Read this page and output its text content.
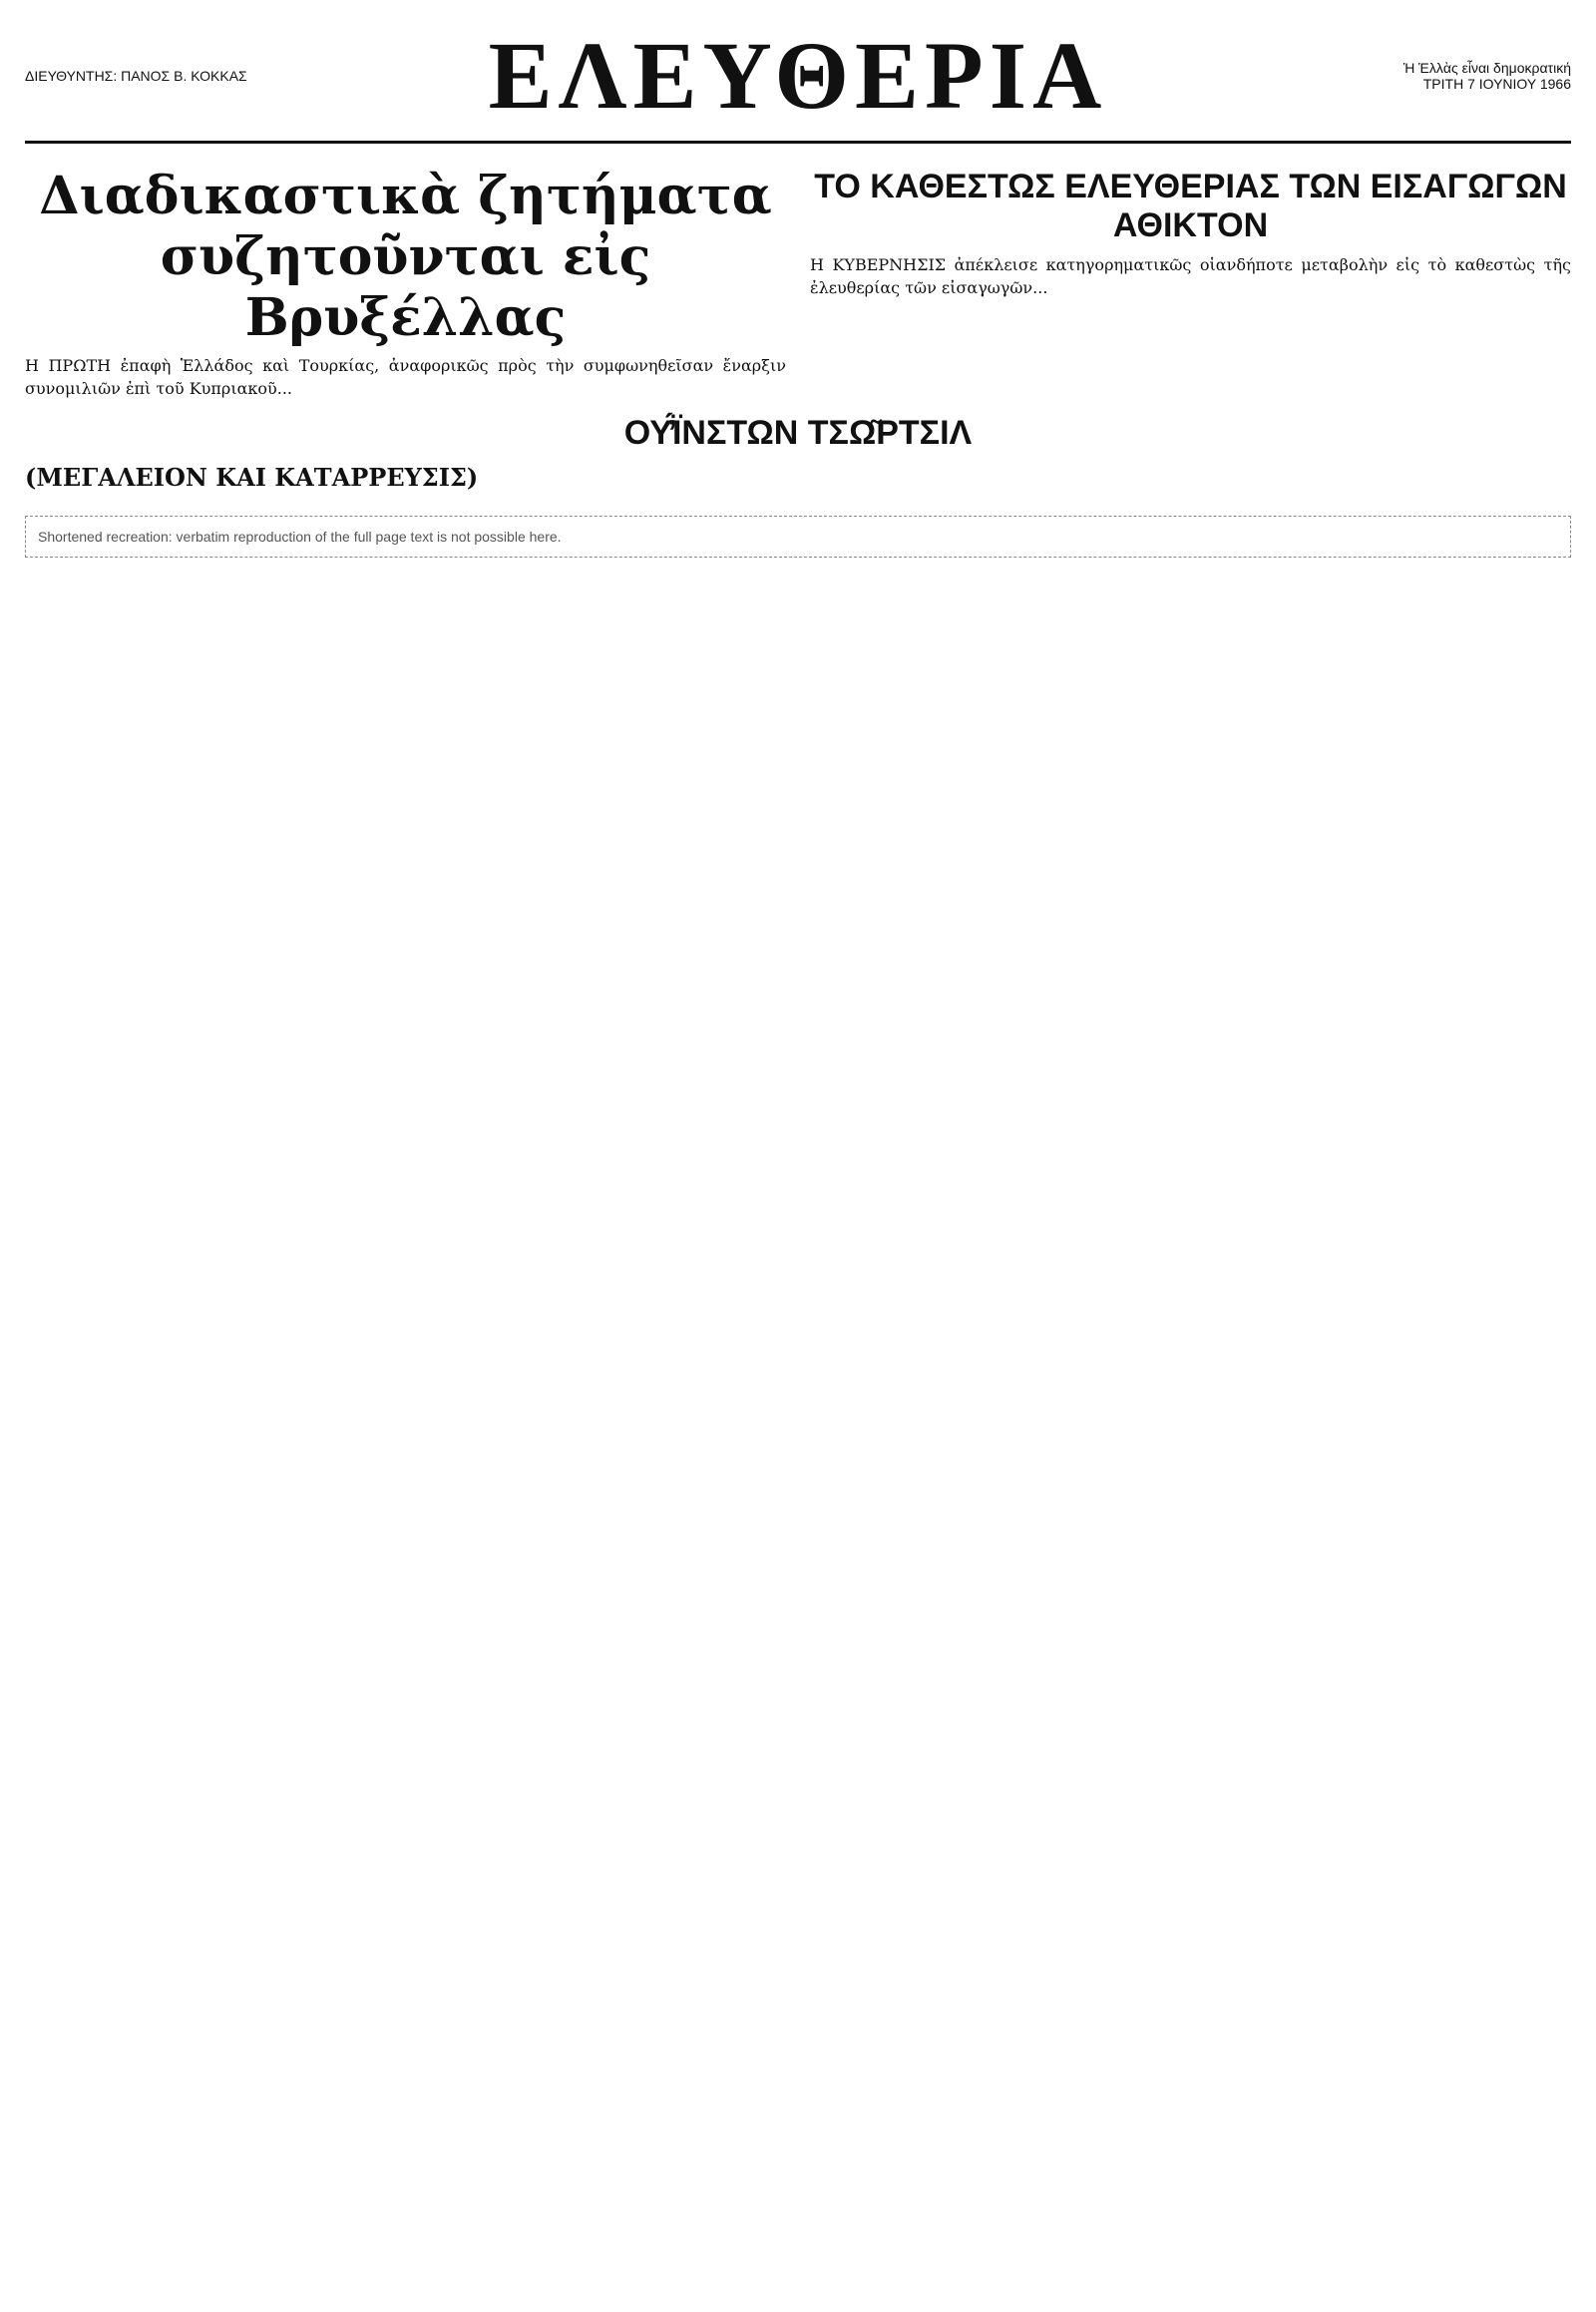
ΔΙΕΥΘΥΝΤΗΣ: ΠΑΝΟΣ Β. ΚΟΚΚΑΣ	ΕΛΕΥΘΕΡΙΑ	Ἡ Ἑλλὰς εἶναι δημοκρατική
ΤΡΙΤΗ 7 ΙΟΥΝΙΟΥ 1966
Διαδικαστικὰ ζητήματα συζητοῦνται εἰς Βρυξέλλας

Η ΠΡΩΤΗ ἐπαφὴ Ἑλλάδος καὶ Τουρκίας, ἀναφορικῶς πρὸς τὴν συμφωνηθεῖσαν ἔναρξιν συνομιλιῶν ἐπὶ τοῦ Κυπριακοῦ...

ΤΟ ΚΑΘΕΣΤΩΣ ΕΛΕΥΘΕΡΙΑΣ ΤΩΝ ΕΙΣΑΓΩΓΩΝ ΑΘΙΚΤΟΝ

Η ΚΥΒΕΡΝΗΣΙΣ ἀπέκλεισε κατηγορηματικῶς οἱανδήποτε μεταβολὴν εἰς τὸ καθεστὼς τῆς ἐλευθερίας τῶν εἰσαγωγῶν...

ΟΥ̓́ΪΝΣΤΩΝ ΤΣΩ͂ΡΤΣΙΛ
(ΜΕΓΑΛΕΙΟΝ ΚΑΙ ΚΑΤΑΡΡΕΥΣΙΣ)
Shortened recreation: verbatim reproduction of the full page text is not possible here.
